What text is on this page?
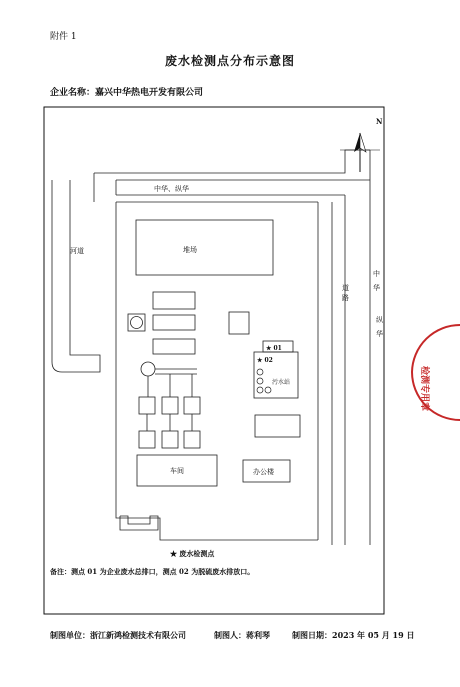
附件 1
废水检测点分布示意图
企业名称：嘉兴中华热电开发有限公司
中华、纵华
河道
道
路
中
华
纵
华
N
堆场
★ 01
★ 02
污水站
车间	办公楼
检测专用章
★ 废水检测点
备注：测点 01 为企业废水总排口，测点 02 为脱硫废水排放口。
制图单位：浙江新鸿检测技术有限公司	制图人：蒋利琴	制图日期：2023 年 05 月 19 日
